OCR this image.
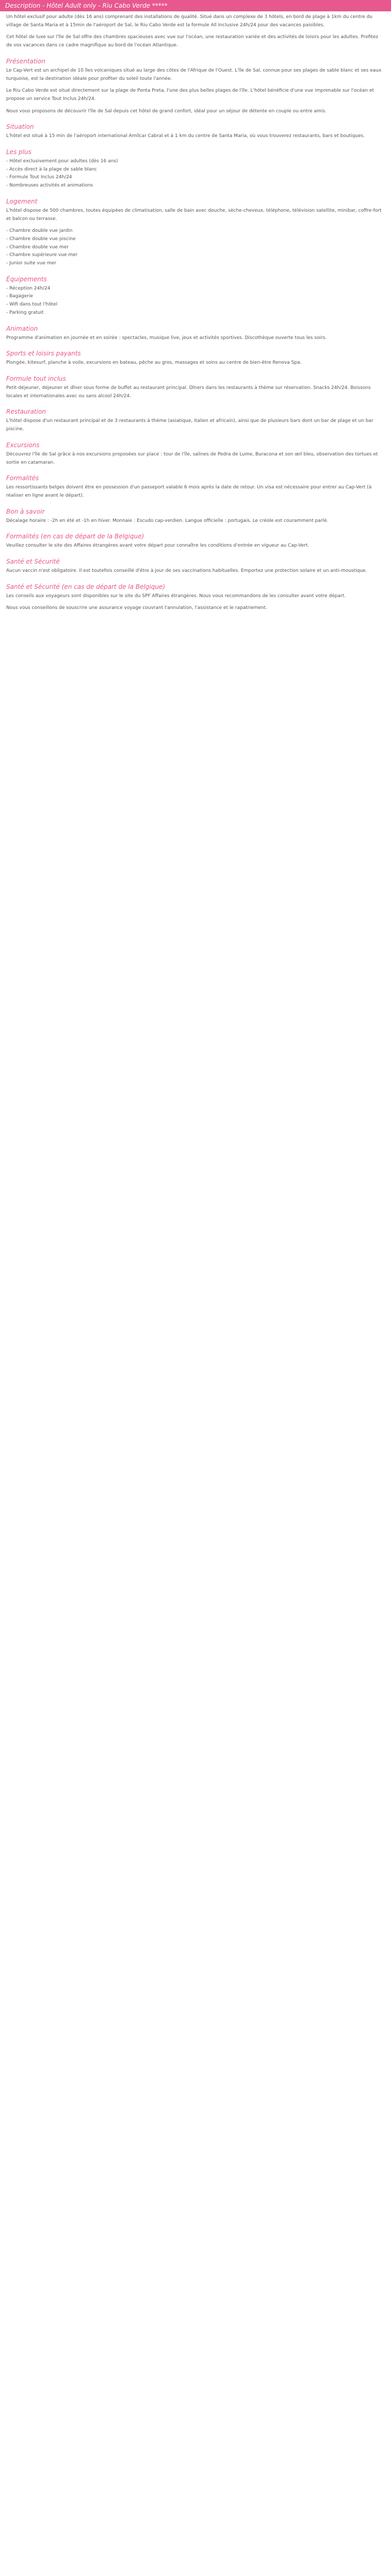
Description - Hôtel Adult only - Riu Cabo Verde *****

Un hôtel exclusif pour adulte (dès 16 ans) comprenant des installations de qualité. Situé dans un complexe de 3 hôtels, en bord de plage à 1km du centre du village de Santa Maria et à 15min de l'aéroport de Sal, le Riu Cabo Verde est la formule All Inclusive 24h/24 pour des vacances paisibles.

Cet hôtel de luxe sur l'île de Sal offre des chambres spacieuses avec vue sur l'océan, une restauration variée et des activités de loisirs pour les adultes. Profitez de vos vacances dans ce cadre magnifique au bord de l'océan Atlantique.

Présentation

Le Cap-Vert est un archipel de 10 îles volcaniques situé au large des côtes de l'Afrique de l'Ouest. L'île de Sal, connue pour ses plages de sable blanc et ses eaux turquoise, est la destination idéale pour profiter du soleil toute l'année.

Le Riu Cabo Verde est situé directement sur la plage de Ponta Preta, l'une des plus belles plages de l'île. L'hôtel bénéficie d'une vue imprenable sur l'océan et propose un service Tout Inclus 24h/24.

Nous vous proposons de découvrir l'île de Sal depuis cet hôtel de grand confort, idéal pour un séjour de détente en couple ou entre amis.

Situation

L'hôtel est situé à 15 min de l'aéroport international Amílcar Cabral et à 1 km du centre de Santa Maria, où vous trouverez restaurants, bars et boutiques.

Les plus
- Hôtel exclusivement pour adultes (dès 16 ans)
- Accès direct à la plage de sable blanc
- Formule Tout Inclus 24h/24
- Nombreuses activités et animations
Logement

L'hôtel dispose de 500 chambres, toutes équipées de climatisation, salle de bain avec douche, sèche-cheveux, téléphone, télévision satellite, minibar, coffre-fort et balcon ou terrasse.

- Chambre double vue jardin
- Chambre double vue piscine
- Chambre double vue mer
- Chambre supérieure vue mer
- Junior suite vue mer
Équipements
- Réception 24h/24
- Bagagerie
- Wifi dans tout l'hôtel
- Parking gratuit
Animation

Programme d'animation en journée et en soirée : spectacles, musique live, jeux et activités sportives. Discothèque ouverte tous les soirs.

Sports et loisirs payants

Plongée, kitesurf, planche à voile, excursions en bateau, pêche au gros, massages et soins au centre de bien-être Renova Spa.

Formule tout inclus

Petit-déjeuner, déjeuner et dîner sous forme de buffet au restaurant principal. Dîners dans les restaurants à thème sur réservation. Snacks 24h/24. Boissons locales et internationales avec ou sans alcool 24h/24.

Restauration

L'hôtel dispose d'un restaurant principal et de 3 restaurants à thème (asiatique, italien et africain), ainsi que de plusieurs bars dont un bar de plage et un bar piscine.

Excursions

Découvrez l'île de Sal grâce à nos excursions proposées sur place : tour de l'île, salines de Pedra de Lume, Buracona et son œil bleu, observation des tortues et sortie en catamaran.

Formalités

Les ressortissants belges doivent être en possession d'un passeport valable 6 mois après la date de retour. Un visa est nécessaire pour entrer au Cap-Vert (à réaliser en ligne avant le départ).

Bon à savoir

Décalage horaire : -2h en été et -1h en hiver. Monnaie : Escudo cap-verdien. Langue officielle : portugais. Le créole est couramment parlé.

Formalités (en cas de départ de la Belgique)

Veuillez consulter le site des Affaires étrangères avant votre départ pour connaître les conditions d'entrée en vigueur au Cap-Vert.

Santé et Sécurité

Aucun vaccin n'est obligatoire. Il est toutefois conseillé d'être à jour de ses vaccinations habituelles. Emportez une protection solaire et un anti-moustique.

Santé et Sécurité (en cas de départ de la Belgique)

Les conseils aux voyageurs sont disponibles sur le site du SPF Affaires étrangères. Nous vous recommandons de les consulter avant votre départ.

Nous vous conseillons de souscrire une assurance voyage couvrant l'annulation, l'assistance et le rapatriement.
